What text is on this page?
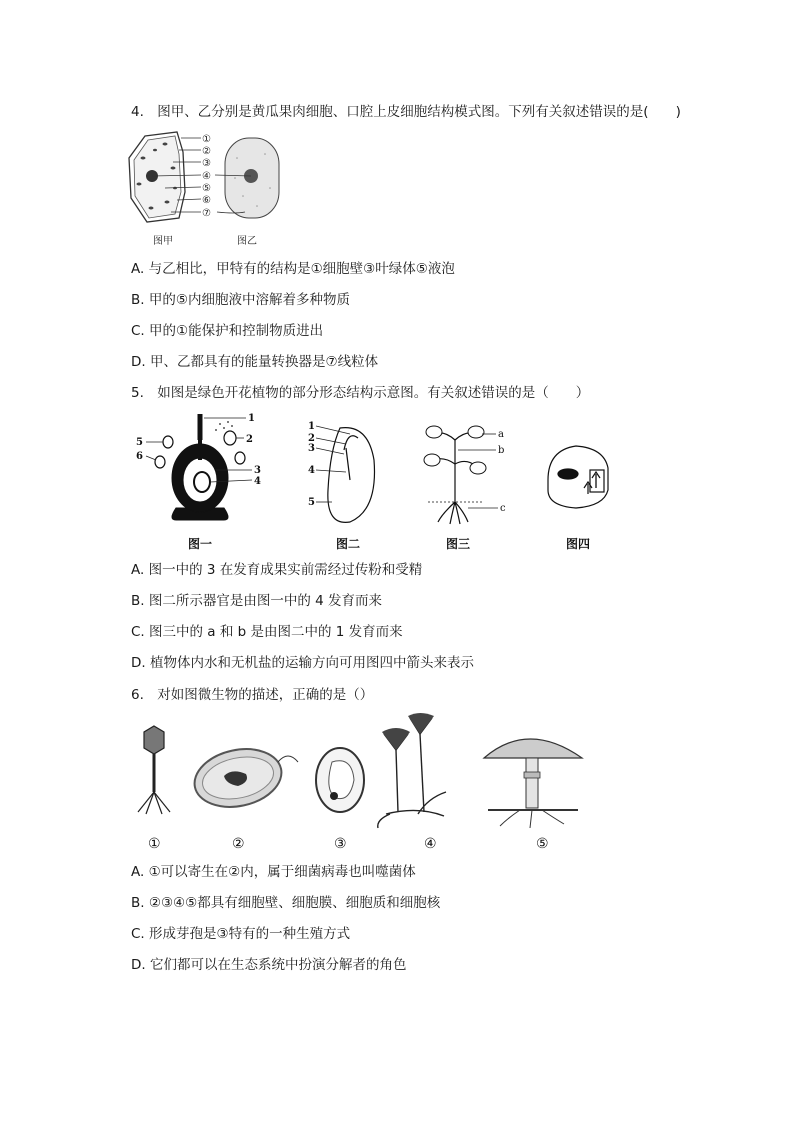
4. 图甲、乙分别是黄瓜果肉细胞、口腔上皮细胞结构模式图。下列有关叙述错误的是(　　)
①
②
③
④
⑤
⑥
⑦
图甲	图乙
A. 与乙相比，甲特有的结构是①细胞壁③叶绿体⑤液泡
B. 甲的⑤内细胞液中溶解着多种物质
C. 甲的①能保护和控制物质进出
D. 甲、乙都具有的能量转换器是⑦线粒体
5. 如图是绿色开花植物的部分形态结构示意图。有关叙述错误的是（　　）
1
2
3
4
5
6
1
2
3
4
5
a
b
c
图一	图二	图三	图四
A. 图一中的 3 在发育成果实前需经过传粉和受精
B. 图二所示器官是由图一中的 4 发育而来
C. 图三中的 a 和 b 是由图二中的 1 发育而来
D. 植物体内水和无机盐的运输方向可用图四中箭头来表示
6. 对如图微生物的描述，正确的是（）
①	②	③	④	⑤
A. ①可以寄生在②内，属于细菌病毒也叫噬菌体
B. ②③④⑤都具有细胞壁、细胞膜、细胞质和细胞核
C. 形成芽孢是③特有的一种生殖方式
D. 它们都可以在生态系统中扮演分解者的角色
